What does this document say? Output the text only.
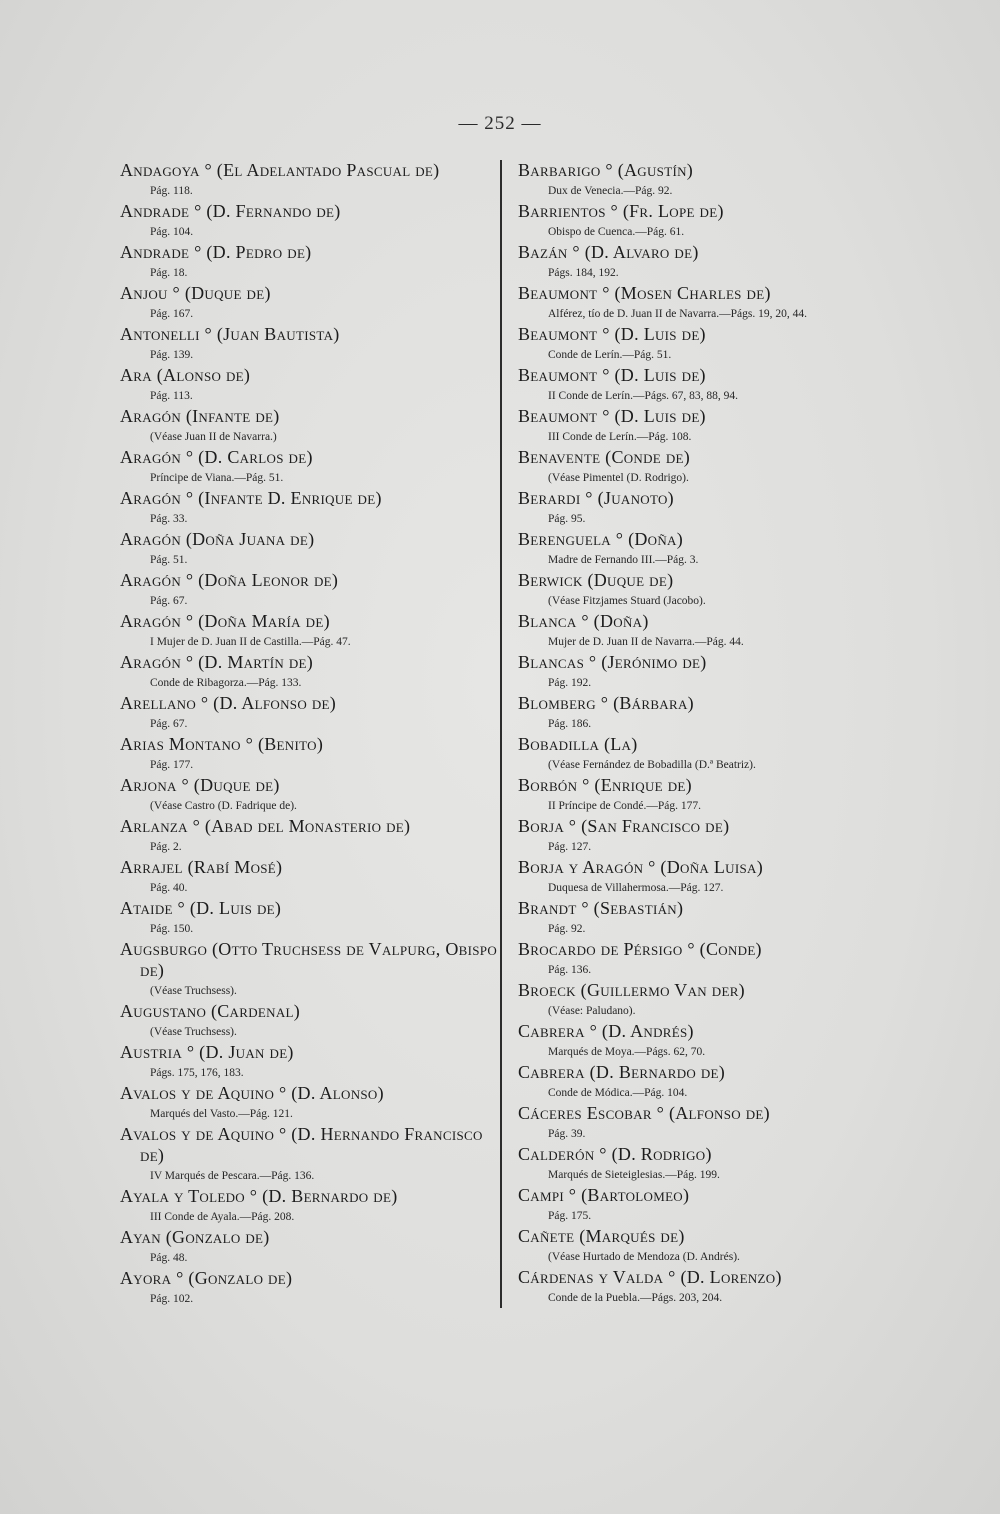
— 252 —
Andagoya ° (El Adelantado Pascual de)
Pág. 118.
Andrade ° (D. Fernando de)
Pág. 104.
Andrade ° (D. Pedro de)
Pág. 18.
Anjou ° (Duque de)
Pág. 167.
Antonelli ° (Juan Bautista)
Pág. 139.
Ara (Alonso de)
Pág. 113.
Aragón (Infante de)
(Véase Juan II de Navarra.)
Aragón ° (D. Carlos de)
Príncipe de Viana.—Pág. 51.
Aragón ° (Infante D. Enrique de)
Pág. 33.
Aragón (Doña Juana de)
Pág. 51.
Aragón ° (Doña Leonor de)
Pág. 67.
Aragón ° (Doña María de)
I Mujer de D. Juan II de Castilla.—Pág. 47.
Aragón ° (D. Martín de)
Conde de Ribagorza.—Pág. 133.
Arellano ° (D. Alfonso de)
Pág. 67.
Arias Montano ° (Benito)
Pág. 177.
Arjona ° (Duque de)
(Véase Castro (D. Fadrique de).
Arlanza ° (Abad del Monasterio de)
Pág. 2.
Arrajel (Rabí Mosé)
Pág. 40.
Ataide ° (D. Luis de)
Pág. 150.
Augsburgo (Otto Truchsess de Valpurg, Obispo de)
(Véase Truchsess).
Augustano (Cardenal)
(Véase Truchsess).
Austria ° (D. Juan de)
Págs. 175, 176, 183.
Avalos y de Aquino ° (D. Alonso)
Marqués del Vasto.—Pág. 121.
Avalos y de Aquino ° (D. Hernando Francisco de)
IV Marqués de Pescara.—Pág. 136.
Ayala y Toledo ° (D. Bernardo de)
III Conde de Ayala.—Pág. 208.
Ayan (Gonzalo de)
Pág. 48.
Ayora ° (Gonzalo de)
Pág. 102.
Barbarigo ° (Agustín)
Dux de Venecia.—Pág. 92.
Barrientos ° (Fr. Lope de)
Obispo de Cuenca.—Pág. 61.
Bazán ° (D. Alvaro de)
Págs. 184, 192.
Beaumont ° (Mosen Charles de)
Alférez, tío de D. Juan II de Navarra.—Págs. 19, 20, 44.
Beaumont ° (D. Luis de)
Conde de Lerín.—Pág. 51.
Beaumont ° (D. Luis de)
II Conde de Lerín.—Págs. 67, 83, 88, 94.
Beaumont ° (D. Luis de)
III Conde de Lerín.—Pág. 108.
Benavente (Conde de)
(Véase Pimentel (D. Rodrigo).
Berardi ° (Juanoto)
Pág. 95.
Berenguela ° (Doña)
Madre de Fernando III.—Pág. 3.
Berwick (Duque de)
(Véase Fitzjames Stuard (Jacobo).
Blanca ° (Doña)
Mujer de D. Juan II de Navarra.—Pág. 44.
Blancas ° (Jerónimo de)
Pág. 192.
Blomberg ° (Bárbara)
Pág. 186.
Bobadilla (La)
(Véase Fernández de Bobadilla (D.ª Beatriz).
Borbón ° (Enrique de)
II Príncipe de Condé.—Pág. 177.
Borja ° (San Francisco de)
Pág. 127.
Borja y Aragón ° (Doña Luisa)
Duquesa de Villahermosa.—Pág. 127.
Brandt ° (Sebastián)
Pág. 92.
Brocardo de Pérsigo ° (Conde)
Pág. 136.
Broeck (Guillermo Van der)
(Véase: Paludano).
Cabrera ° (D. Andrés)
Marqués de Moya.—Págs. 62, 70.
Cabrera (D. Bernardo de)
Conde de Módica.—Pág. 104.
Cáceres Escobar ° (Alfonso de)
Pág. 39.
Calderón ° (D. Rodrigo)
Marqués de Sieteiglesias.—Pág. 199.
Campi ° (Bartolomeo)
Pág. 175.
Cañete (Marqués de)
(Véase Hurtado de Mendoza (D. Andrés).
Cárdenas y Valda ° (D. Lorenzo)
Conde de la Puebla.—Págs. 203, 204.
